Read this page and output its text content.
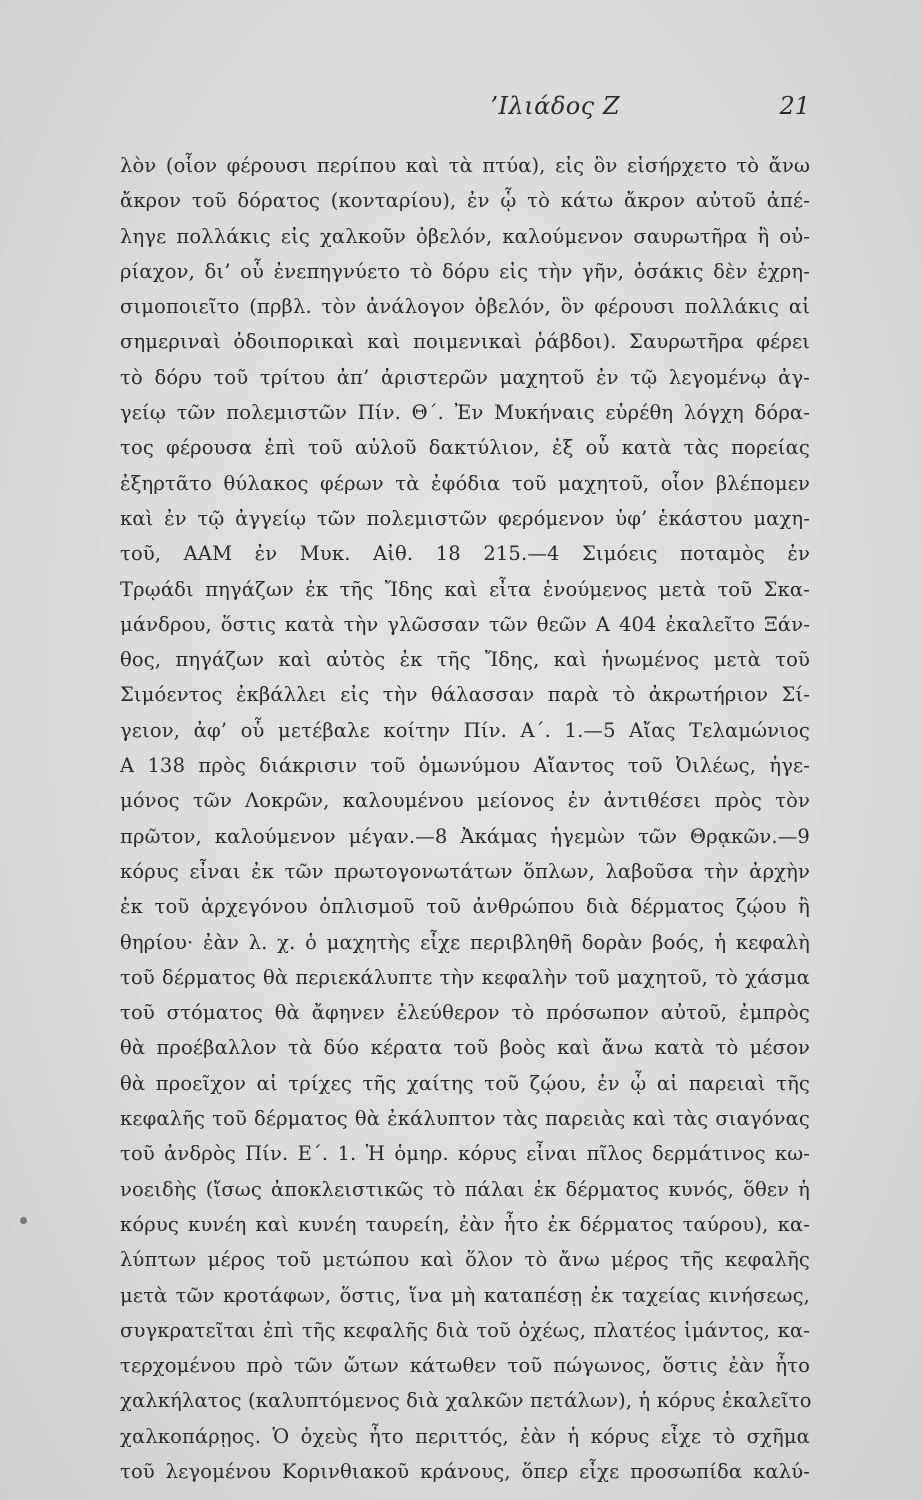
’Ιλιάδος Ζ	21
λὸν (οἷον φέρουσι περίπου καὶ τὰ πτύα), εἰς ὃν εἰσήρχετο τὸ ἄνω
ἄκρον τοῦ δόρατος (κονταρίου), ἐν ᾧ τὸ κάτω ἄκρον αὐτοῦ ἀπέ-
ληγε πολλάκις εἰς χαλκοῦν ὀβελόν, καλούμενον σαυρωτῆρα ἢ οὐ-
ρίαχον, δι’ οὗ ἐνεπηγνύετο τὸ δόρυ εἰς τὴν γῆν, ὁσάκις δὲν ἐχρη-
σιμοποιεῖτο (πρβλ. τὸν ἀνάλογον ὀβελόν, ὃν φέρουσι πολλάκις αἱ
σημεριναὶ ὁδοιπορικαὶ καὶ ποιμενικαὶ ῥάβδοι). Σαυρωτῆρα φέρει
τὸ δόρυ τοῦ τρίτου ἀπ’ ἀριστερῶν μαχητοῦ ἐν τῷ λεγομένῳ ἀγ-
γείῳ τῶν πολεμιστῶν Πίν. Θ΄. Ἐν Μυκήναις εὑρέθη λόγχη δόρα-
τος φέρουσα ἐπὶ τοῦ αὐλοῦ δακτύλιον, ἐξ οὗ κατὰ τὰς πορείας
ἐξηρτᾶτο θύλακος φέρων τὰ ἐφόδια τοῦ μαχητοῦ, οἷον βλέπομεν
καὶ ἐν τῷ ἀγγείῳ τῶν πολεμιστῶν φερόμενον ὑφ’ ἑκάστου μαχη-
τοῦ, ΑΑΜ ἐν Μυκ. Αἰθ. 18 215.—4 Σιμόεις ποταμὸς ἐν
Τρῳάδι πηγάζων ἐκ τῆς Ἴδης καὶ εἶτα ἑνούμενος μετὰ τοῦ Σκα-
μάνδρου, ὅστις κατὰ τὴν γλῶσσαν τῶν θεῶν Α 404 ἐκαλεῖτο Ξάν-
θος, πηγάζων καὶ αὐτὸς ἐκ τῆς Ἴδης, καὶ ἡνωμένος μετὰ τοῦ
Σιμόεντος ἐκβάλλει εἰς τὴν θάλασσαν παρὰ τὸ ἀκρωτήριον Σί-
γειον, ἀφ’ οὗ μετέβαλε κοίτην Πίν. Α΄. 1.—5 Αἴας Τελαμώνιος
Α 138 πρὸς διάκρισιν τοῦ ὁμωνύμου Αἴαντος τοῦ Ὀιλέως, ἡγε-
μόνος τῶν Λοκρῶν, καλουμένου μείονος ἐν ἀντιθέσει πρὸς τὸν
πρῶτον, καλούμενον μέγαν.—8 Ἀκάμας ἡγεμὼν τῶν Θρᾳκῶν.—9
κόρυς εἶναι ἐκ τῶν πρωτογονωτάτων ὅπλων, λαβοῦσα τὴν ἀρχὴν
ἐκ τοῦ ἀρχεγόνου ὁπλισμοῦ τοῦ ἀνθρώπου διὰ δέρματος ζῴου ἢ
θηρίου· ἐὰν λ. χ. ὁ μαχητὴς εἶχε περιβληθῆ δορὰν βοός, ἡ κεφαλὴ
τοῦ δέρματος θὰ περιεκάλυπτε τὴν κεφαλὴν τοῦ μαχητοῦ, τὸ χάσμα
τοῦ στόματος θὰ ἄφηνεν ἐλεύθερον τὸ πρόσωπον αὐτοῦ, ἐμπρὸς
θὰ προέβαλλον τὰ δύο κέρατα τοῦ βοὸς καὶ ἄνω κατὰ τὸ μέσον
θὰ προεῖχον αἱ τρίχες τῆς χαίτης τοῦ ζῴου, ἐν ᾧ αἱ παρειαὶ τῆς
κεφαλῆς τοῦ δέρματος θὰ ἐκάλυπτον τὰς παρειὰς καὶ τὰς σιαγόνας
τοῦ ἀνδρὸς Πίν. Ε΄. 1. Ἡ ὁμηρ. κόρυς εἶναι πῖλος δερμάτινος κω-
νοειδὴς (ἴσως ἀποκλειστικῶς τὸ πάλαι ἐκ δέρματος κυνός, ὅθεν ἡ
κόρυς κυνέη καὶ κυνέη ταυρείη, ἐὰν ἦτο ἐκ δέρματος ταύρου), κα-
λύπτων μέρος τοῦ μετώπου καὶ ὅλον τὸ ἄνω μέρος τῆς κεφαλῆς
μετὰ τῶν κροτάφων, ὅστις, ἵνα μὴ καταπέσῃ ἐκ ταχείας κινήσεως,
συγκρατεῖται ἐπὶ τῆς κεφαλῆς διὰ τοῦ ὀχέως, πλατέος ἱμάντος, κα-
τερχομένου πρὸ τῶν ὤτων κάτωθεν τοῦ πώγωνος, ὅστις ἐὰν ἦτο
χαλκήλατος (καλυπτόμενος διὰ χαλκῶν πετάλων), ἡ κόρυς ἐκαλεῖτο
χαλκοπάρῃος. Ὁ ὀχεὺς ἦτο περιττός, ἐὰν ἡ κόρυς εἶχε τὸ σχῆμα
τοῦ λεγομένου Κορινθιακοῦ κράνους, ὅπερ εἶχε προσωπίδα καλύ-
